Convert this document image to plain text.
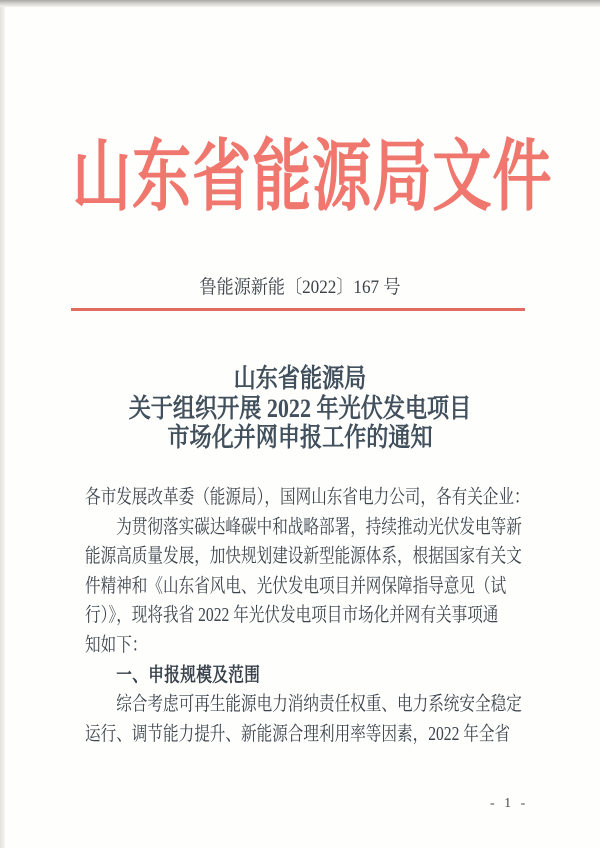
山东省能源局文件
鲁能源新能〔2022〕167 号
山东省能源局
关于组织开展 2022 年光伏发电项目
市场化并网申报工作的通知
各市发展改革委（能源局），国网山东省电力公司，各有关企业：
为贯彻落实碳达峰碳中和战略部署，持续推动光伏发电等新
能源高质量发展，加快规划建设新型能源体系，根据国家有关文
件精神和《山东省风电、光伏发电项目并网保障指导意见（试
行）》，现将我省 2022 年光伏发电项目市场化并网有关事项通
知如下：
一、申报规模及范围
综合考虑可再生能源电力消纳责任权重、电力系统安全稳定
运行、调节能力提升、新能源合理利用率等因素，2022 年全省
- 1 -
